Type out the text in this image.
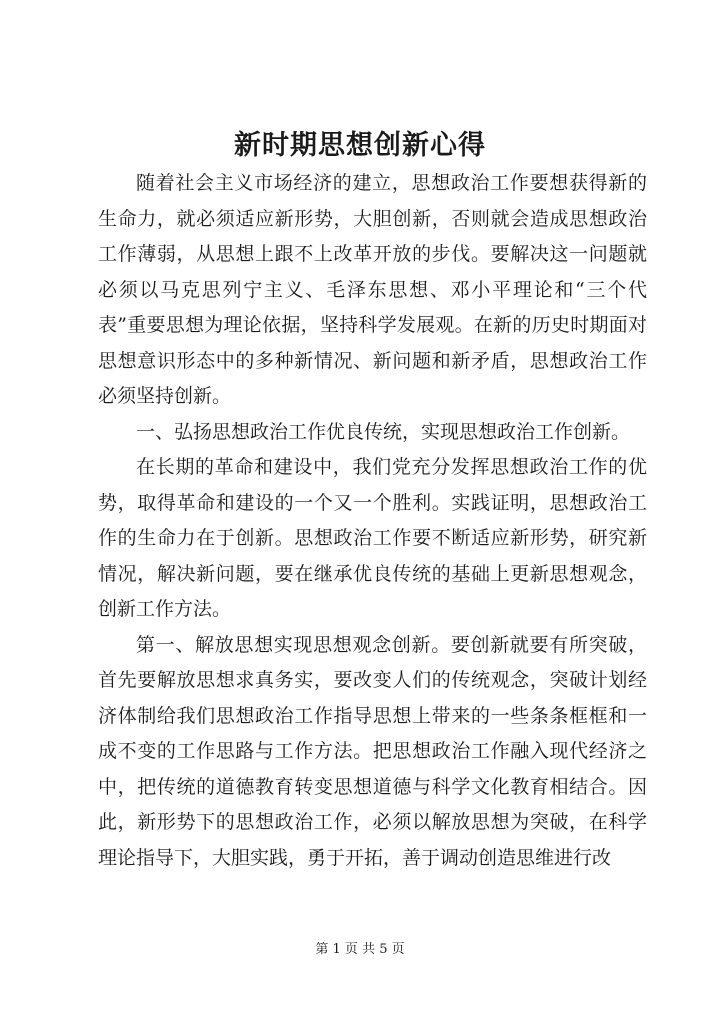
新时期思想创新心得

随着社会主义市场经济的建立，思想政治工作要想获得新的生命力，就必须适应新形势，大胆创新，否则就会造成思想政治工作薄弱，从思想上跟不上改革开放的步伐。要解决这一问题就必须以马克思列宁主义、毛泽东思想、邓小平理论和“三个代表”重要思想为理论依据，坚持科学发展观。在新的历史时期面对思想意识形态中的多种新情况、新问题和新矛盾，思想政治工作必须坚持创新。

一、弘扬思想政治工作优良传统，实现思想政治工作创新。

在长期的革命和建设中，我们党充分发挥思想政治工作的优势，取得革命和建设的一个又一个胜利。实践证明，思想政治工作的生命力在于创新。思想政治工作要不断适应新形势，研究新情况，解决新问题，要在继承优良传统的基础上更新思想观念，创新工作方法。

第一、解放思想实现思想观念创新。要创新就要有所突破，首先要解放思想求真务实，要改变人们的传统观念，突破计划经济体制给我们思想政治工作指导思想上带来的一些条条框框和一成不变的工作思路与工作方法。把思想政治工作融入现代经济之中，把传统的道德教育转变思想道德与科学文化教育相结合。因此，新形势下的思想政治工作，必须以解放思想为突破，在科学理论指导下，大胆实践，勇于开拓，善于调动创造思维进行改

第 1 页 共 5 页
